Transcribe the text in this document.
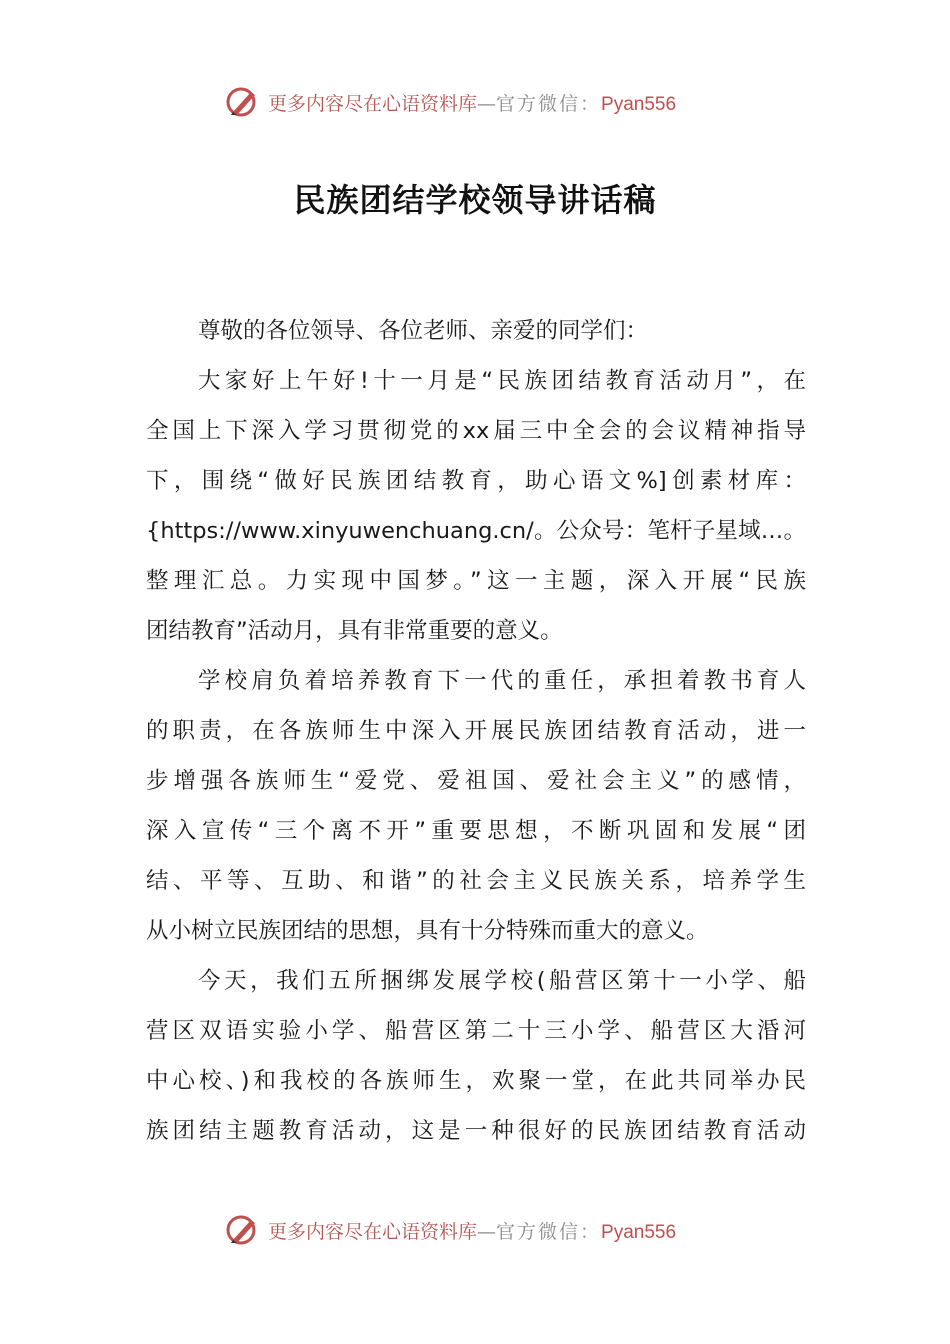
更多内容尽在心语资料库—官方微信：Pyan556
民族团结学校领导讲话稿
尊敬的各位领导、各位老师、亲爱的同学们：
大家好上午好!十一月是“民族团结教育活动月”，在
全国上下深入学习贯彻党的xx届三中全会的会议精神指导
下，围绕“做好民族团结教育，助心语文%]创素材库：
{https://www.xinyuwenchuang.cn/。公众号：笔杆子星域…。
整理汇总。力实现中国梦。”这一主题，深入开展“民族
团结教育”活动月，具有非常重要的意义。
学校肩负着培养教育下一代的重任，承担着教书育人
的职责，在各族师生中深入开展民族团结教育活动，进一
步增强各族师生“爱党、爱祖国、爱社会主义”的感情，
深入宣传“三个离不开”重要思想，不断巩固和发展“团
结、平等、互助、和谐”的社会主义民族关系，培养学生
从小树立民族团结的思想，具有十分特殊而重大的意义。
今天，我们五所捆绑发展学校(船营区第十一小学、船
营区双语实验小学、船营区第二十三小学、船营区大涽河
中心校、)和我校的各族师生，欢聚一堂，在此共同举办民
族团结主题教育活动，这是一种很好的民族团结教育活动
更多内容尽在心语资料库—官方微信：Pyan556
